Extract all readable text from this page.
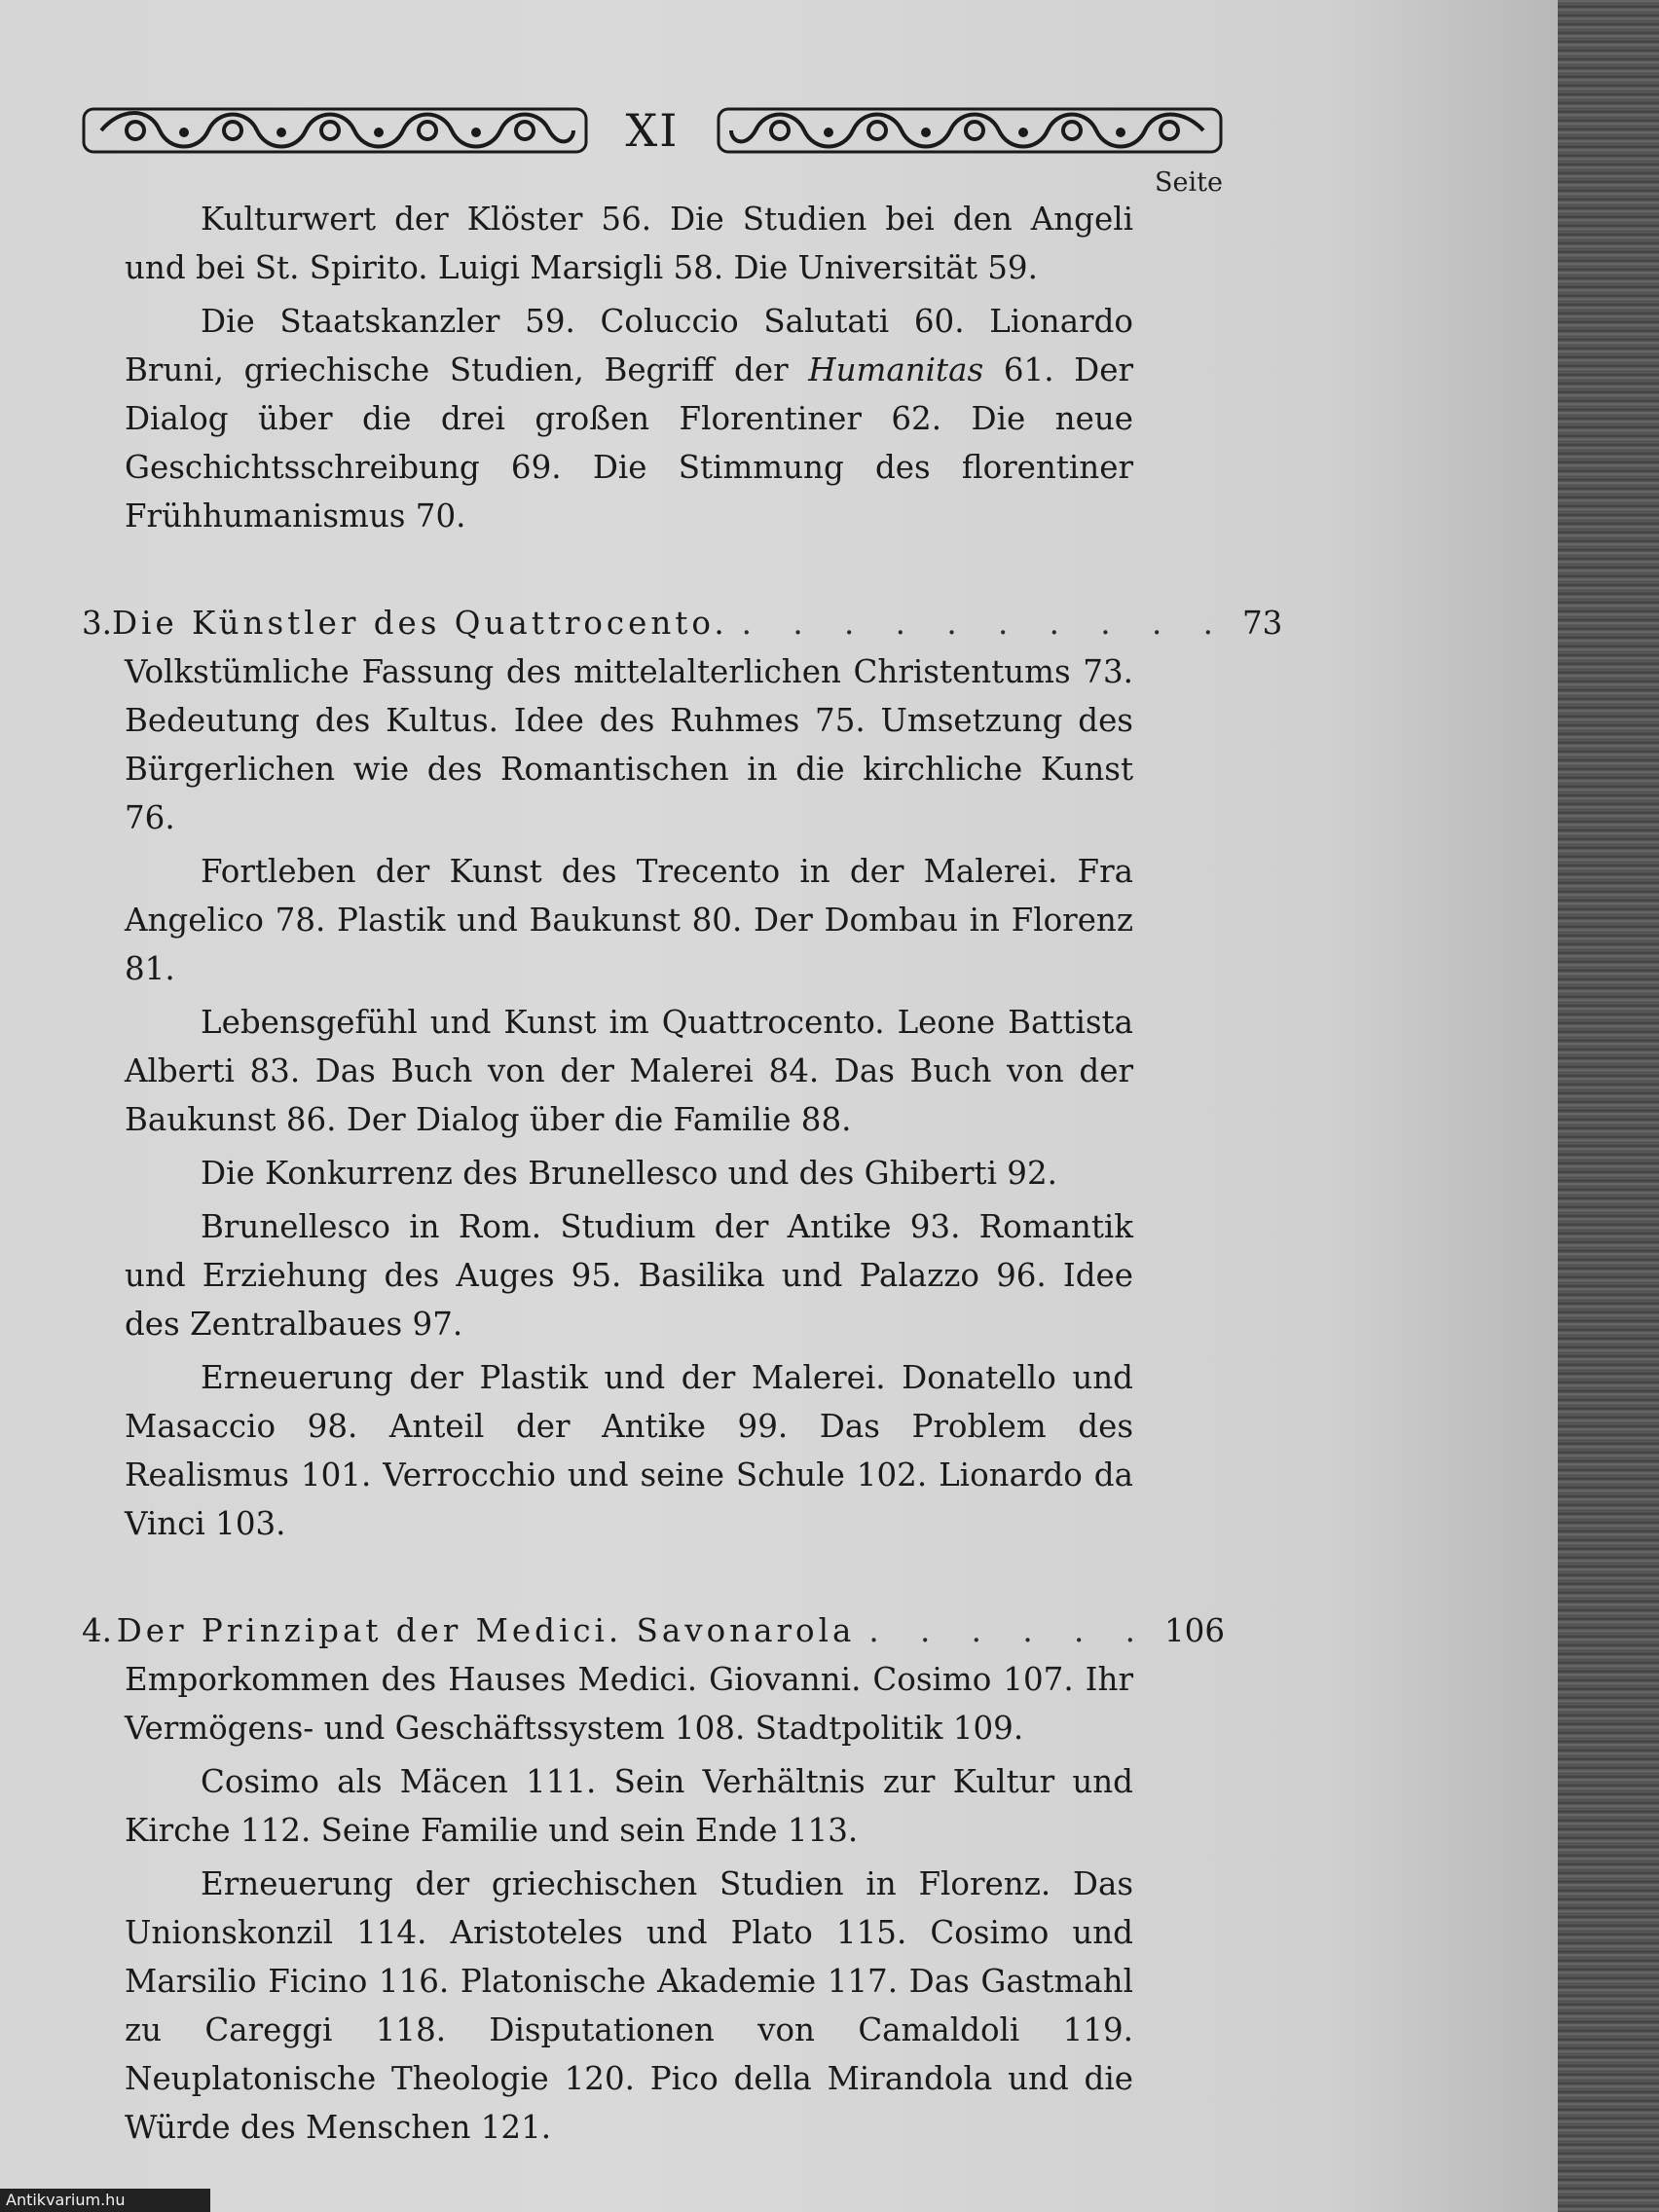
XI
Seite

Kulturwert der Klöster 56. Die Studien bei den Angeli und bei St. Spirito. Luigi Marsigli 58. Die Universität 59.

Die Staatskanzler 59. Coluccio Salutati 60. Lionardo Bruni, griechische Studien, Begriff der Humanitas 61. Der Dialog über die drei großen Florentiner 62. Die neue Geschichtsschreibung 69. Die Stimmung des florentiner Frühhumanismus 70.

3. Die Künstler des Quattrocento. . . . . . . . . . . 73

Volkstümliche Fassung des mittelalterlichen Christentums 73. Bedeutung des Kultus. Idee des Ruhmes 75. Umsetzung des Bürgerlichen wie des Romantischen in die kirchliche Kunst 76.

Fortleben der Kunst des Trecento in der Malerei. Fra Angelico 78. Plastik und Baukunst 80. Der Dombau in Florenz 81.

Lebensgefühl und Kunst im Quattrocento. Leone Battista Alberti 83. Das Buch von der Malerei 84. Das Buch von der Baukunst 86. Der Dialog über die Familie 88.

Die Konkurrenz des Brunellesco und des Ghiberti 92.

Brunellesco in Rom. Studium der Antike 93. Romantik und Erziehung des Auges 95. Basilika und Palazzo 96. Idee des Zentralbaues 97.

Erneuerung der Plastik und der Malerei. Donatello und Masaccio 98. Anteil der Antike 99. Das Problem des Realismus 101. Verrocchio und seine Schule 102. Lionardo da Vinci 103.

4. Der Prinzipat der Medici. Savonarola . . . . . . 106

Emporkommen des Hauses Medici. Giovanni. Cosimo 107. Ihr Vermögens- und Geschäftssystem 108. Stadtpolitik 109.

Cosimo als Mäcen 111. Sein Verhältnis zur Kultur und Kirche 112. Seine Familie und sein Ende 113.

Erneuerung der griechischen Studien in Florenz. Das Unionskonzil 114. Aristoteles und Plato 115. Cosimo und Marsilio Ficino 116. Platonische Akademie 117. Das Gastmahl zu Careggi 118. Disputationen von Camaldoli 119. Neuplatonische Theologie 120. Pico della Mirandola und die Würde des Menschen 121.

Antikvarium.hu
